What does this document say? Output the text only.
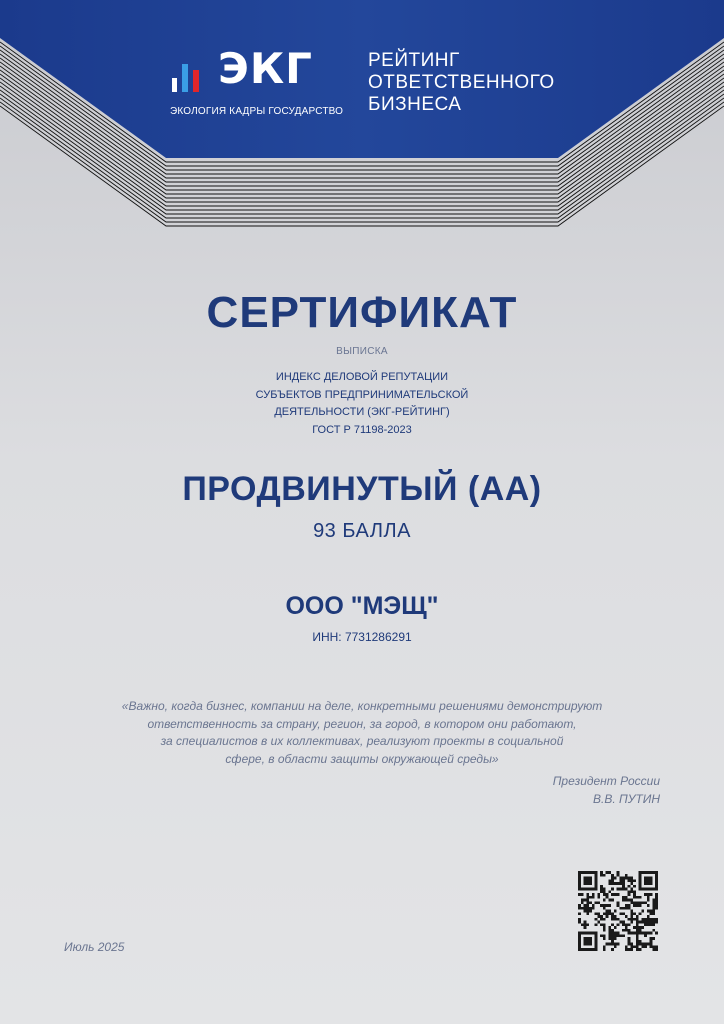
ЭКГ
ЭКОЛОГИЯ КАДРЫ ГОСУДАРСТВО
РЕЙТИНГ
ОТВЕТСТВЕННОГО
БИЗНЕСА
СЕРТИФИКАТ
ВЫПИСКА
ИНДЕКС ДЕЛОВОЙ РЕПУТАЦИИ
СУБЪЕКТОВ ПРЕДПРИНИМАТЕЛЬСКОЙ
ДЕЯТЕЛЬНОСТИ (ЭКГ-РЕЙТИНГ)
ГОСТ Р 71198-2023
ПРОДВИНУТЫЙ (АА)
93 БАЛЛА
ООО "МЭЩ"
ИНН: 7731286291
«Важно, когда бизнес, компании на деле, конкретными решениями демонстрируют
ответственность за страну, регион, за город, в котором они работают,
за специалистов в их коллективах, реализуют проекты в социальной
сфере, в области защиты окружающей среды»
Президент России
В.В. ПУТИН
Июль 2025
